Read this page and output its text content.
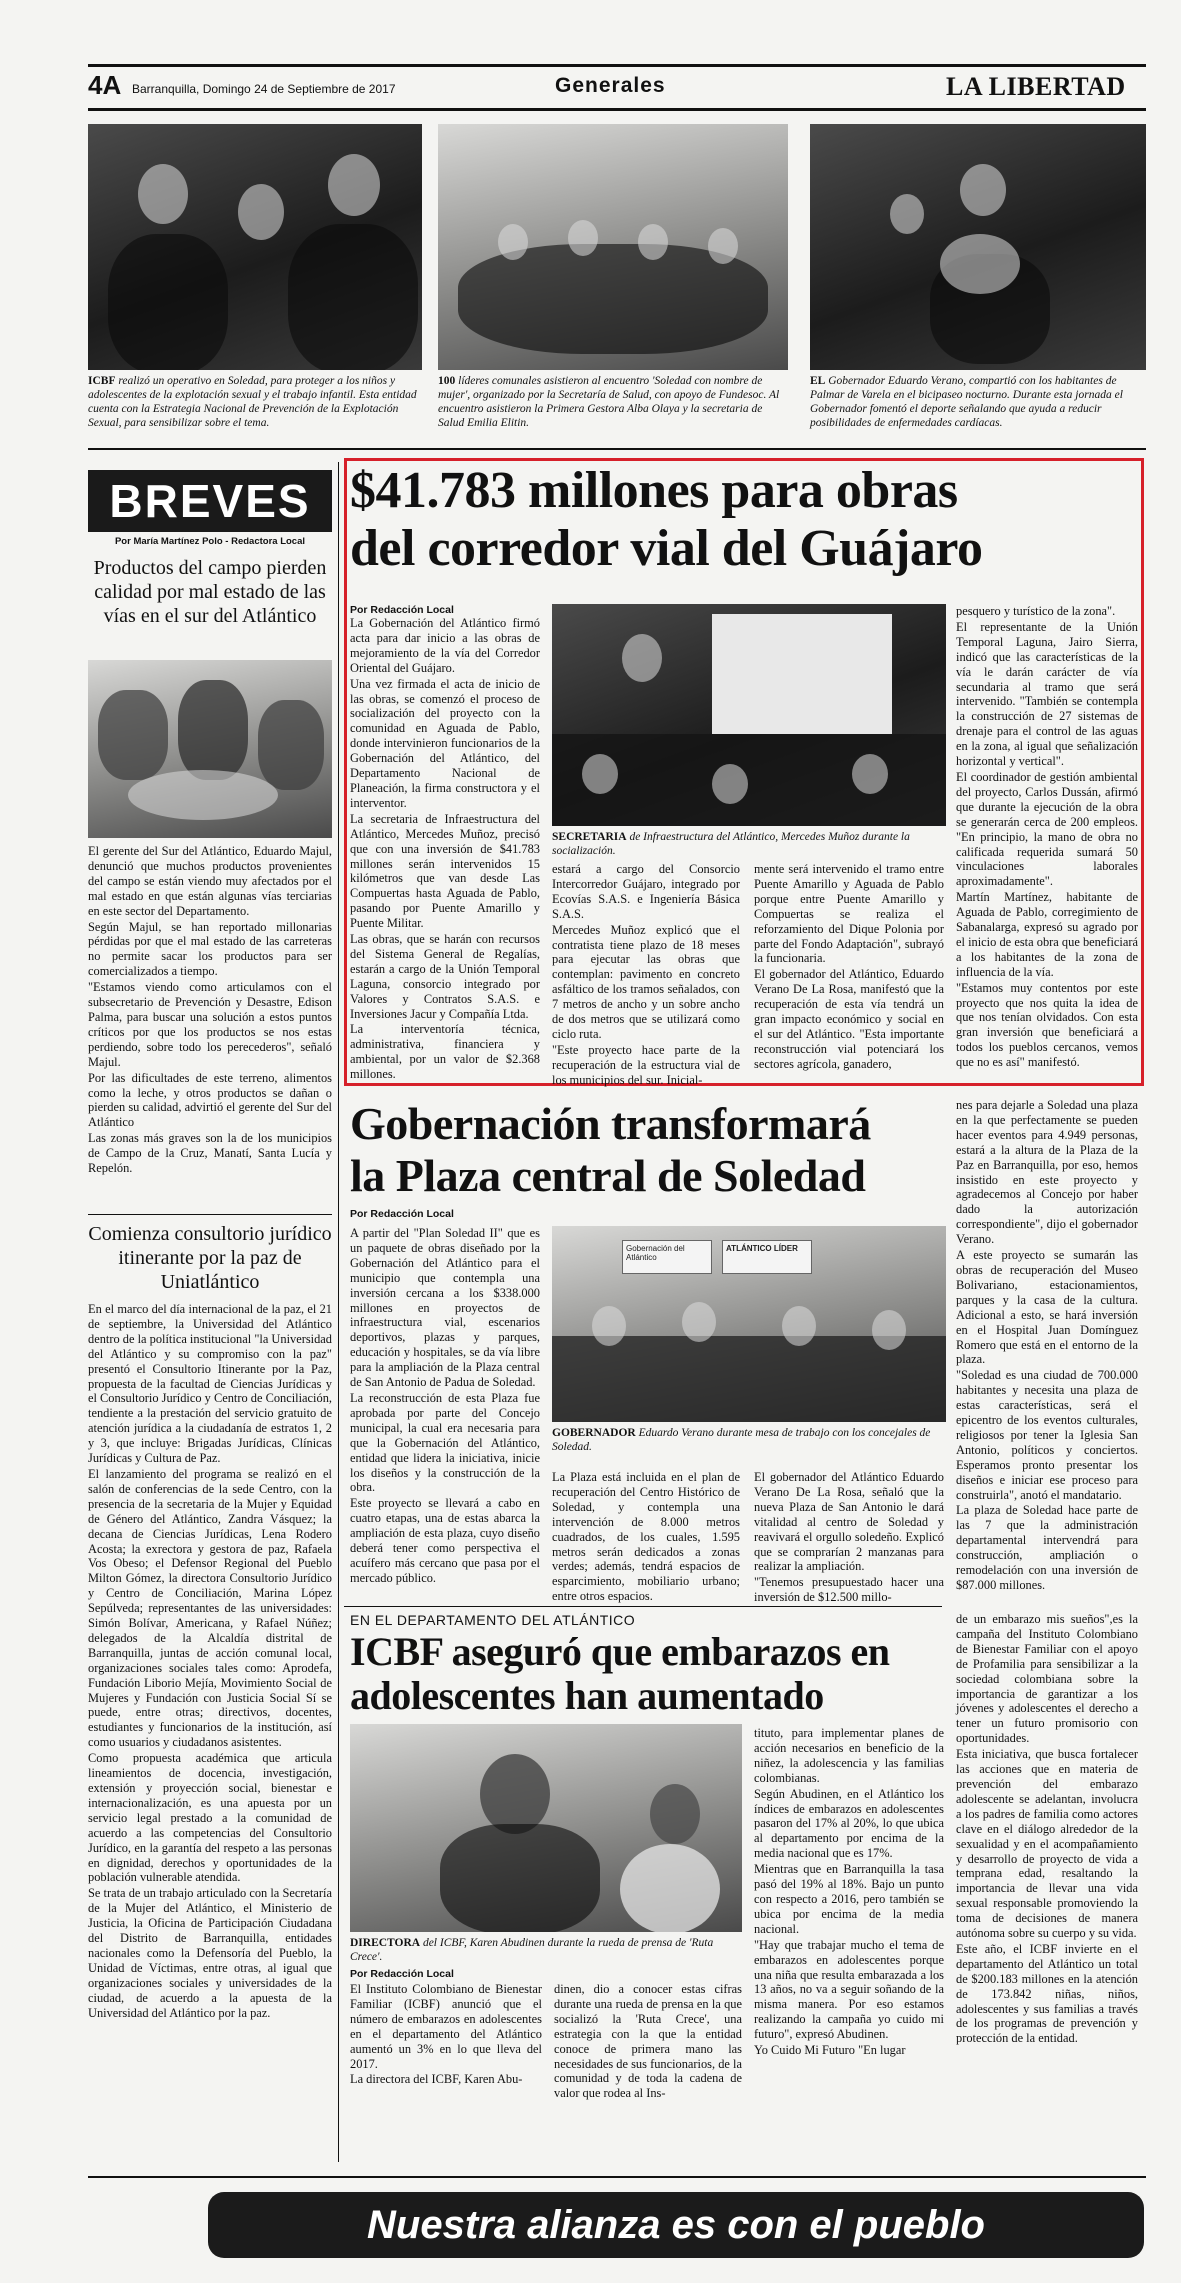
4A Barranquilla, Domingo 24 de Septiembre de 2017	Generales	LA LIBERTAD
ICBF realizó un operativo en Soledad, para proteger a los niños y adolescentes de la explotación sexual y el trabajo infantil. Esta entidad cuenta con la Estrategia Nacional de Prevención de la Explotación Sexual, para sensibilizar sobre el tema.
100 líderes comunales asistieron al encuentro 'Soledad con nombre de mujer', organizado por la Secretaría de Salud, con apoyo de Fundesoc. Al encuentro asistieron la Primera Gestora Alba Olaya y la secretaria de Salud Emilia Elitin.
EL Gobernador Eduardo Verano, compartió con los habitantes de Palmar de Varela en el bicipaseo nocturno. Durante esta jornada el Gobernador fomentó el deporte señalando que ayuda a reducir posibilidades de enfermedades cardíacas.
BREVES
Por María Martínez Polo - Redactora Local
Productos del campo pierden calidad por mal estado de las vías en el sur del Atlántico

El gerente del Sur del Atlántico, Eduardo Majul, denunció que muchos productos provenientes del campo se están viendo muy afectados por el mal estado en que están algunas vías terciarias en este sector del Departamento.

Según Majul, se han reportado millonarias pérdidas por que el mal estado de las carreteras no permite sacar los productos para ser comercializados a tiempo.

"Estamos viendo como articulamos con el subsecretario de Prevención y Desastre, Edison Palma, para buscar una solución a estos puntos críticos por que los productos se nos estas perdiendo, sobre todo los perecederos", señaló Majul.

Por las dificultades de este terreno, alimentos como la leche, y otros productos se dañan o pierden su calidad, advirtió el gerente del Sur del Atlántico

Las zonas más graves son la de los municipios de Campo de la Cruz, Manatí, Santa Lucía y Repelón.

Comienza consultorio jurídico itinerante por la paz de Uniatlántico

En el marco del día internacional de la paz, el 21 de septiembre, la Universidad del Atlántico dentro de la política institucional "la Universidad del Atlántico y su compromiso con la paz" presentó el Consultorio Itinerante por la Paz, propuesta de la facultad de Ciencias Jurídicas y el Consultorio Jurídico y Centro de Conciliación, tendiente a la prestación del servicio gratuito de atención jurídica a la ciudadanía de estratos 1, 2 y 3, que incluye: Brigadas Jurídicas, Clínicas Jurídicas y Cultura de Paz.

El lanzamiento del programa se realizó en el salón de conferencias de la sede Centro, con la presencia de la secretaria de la Mujer y Equidad de Género del Atlántico, Zandra Vásquez; la decana de Ciencias Jurídicas, Lena Rodero Acosta; la exrectora y gestora de paz, Rafaela Vos Obeso; el Defensor Regional del Pueblo Milton Gómez, la directora Consultorio Jurídico y Centro de Conciliación, Marina López Sepúlveda; representantes de las universidades: Simón Bolívar, Americana, y Rafael Núñez; delegados de la Alcaldía distrital de Barranquilla, juntas de acción comunal local, organizaciones sociales tales como: Aprodefa, Fundación Liborio Mejía, Movimiento Social de Mujeres y Fundación con Justicia Social Sí se puede, entre otras; directivos, docentes, estudiantes y funcionarios de la institución, así como usuarios y ciudadanos asistentes.

Como propuesta académica que articula lineamientos de docencia, investigación, extensión y proyección social, bienestar e internacionalización, es una apuesta por un servicio legal prestado a la comunidad de acuerdo a las competencias del Consultorio Jurídico, en la garantía del respeto a las personas en dignidad, derechos y oportunidades de la población vulnerable atendida.

Se trata de un trabajo articulado con la Secretaría de la Mujer del Atlántico, el Ministerio de Justicia, la Oficina de Participación Ciudadana del Distrito de Barranquilla, entidades nacionales como la Defensoría del Pueblo, la Unidad de Víctimas, entre otras, al igual que organizaciones sociales y universidades de la ciudad, de acuerdo a la apuesta de la Universidad del Atlántico por la paz.

$41.783 millones para obras
del corredor vial del Guájaro
Por Redacción Local

La Gobernación del Atlántico firmó acta para dar inicio a las obras de mejoramiento de la vía del Corredor Oriental del Guájaro.

Una vez firmada el acta de inicio de las obras, se comenzó el proceso de socialización del proyecto con la comunidad en Aguada de Pablo, donde intervinieron funcionarios de la Gobernación del Atlántico, del Departamento Nacional de Planeación, la firma constructora y el interventor.

La secretaria de Infraestructura del Atlántico, Mercedes Muñoz, precisó que con una inversión de $41.783 millones serán intervenidos 15 kilómetros que van desde Las Compuertas hasta Aguada de Pablo, pasando por Puente Amarillo y Puente Militar.

Las obras, que se harán con recursos del Sistema General de Regalías, estarán a cargo de la Unión Temporal Laguna, consorcio integrado por Valores y Contratos S.A.S. e Inversiones Jacur y Compañía Ltda.

La interventoría técnica, administrativa, financiera y ambiental, por un valor de $2.368 millones.

SECRETARIA de Infraestructura del Atlántico, Mercedes Muñoz durante la socialización.

estará a cargo del Consorcio Intercorredor Guájaro, integrado por Ecovías S.A.S. e Ingeniería Básica S.A.S.

Mercedes Muñoz explicó que el contratista tiene plazo de 18 meses para ejecutar las obras que contemplan: pavimento en concreto asfáltico de los tramos señalados, con 7 metros de ancho y un sobre ancho de dos metros que se utilizará como ciclo ruta.

"Este proyecto hace parte de la recuperación de la estructura vial de los municipios del sur. Inicial-

mente será intervenido el tramo entre Puente Amarillo y Aguada de Pablo porque entre Puente Amarillo y Compuertas se realiza el reforzamiento del Dique Polonia por parte del Fondo Adaptación", subrayó la funcionaria.

El gobernador del Atlántico, Eduardo Verano De La Rosa, manifestó que la recuperación de esta vía tendrá un gran impacto económico y social en el sur del Atlántico. "Esta importante reconstrucción vial potenciará los sectores agrícola, ganadero,

pesquero y turístico de la zona".

El representante de la Unión Temporal Laguna, Jairo Sierra, indicó que las características de la vía le darán carácter de vía secundaria al tramo que será intervenido. "También se contempla la construcción de 27 sistemas de drenaje para el control de las aguas en la zona, al igual que señalización horizontal y vertical".

El coordinador de gestión ambiental del proyecto, Carlos Dussán, afirmó que durante la ejecución de la obra se generarán cerca de 200 empleos. "En principio, la mano de obra no calificada requerida sumará 50 vinculaciones laborales aproximadamente".

Martín Martínez, habitante de Aguada de Pablo, corregimiento de Sabanalarga, expresó su agrado por el inicio de esta obra que beneficiará a los habitantes de la zona de influencia de la vía.

"Estamos muy contentos por este proyecto que nos quita la idea de que nos tenían olvidados. Con esta gran inversión que beneficiará a todos los pueblos cercanos, vemos que no es así" manifestó.

Gobernación transformará
la Plaza central de Soledad
Por Redacción Local

A partir del "Plan Soledad II" que es un paquete de obras diseñado por la Gobernación del Atlántico para el municipio que contempla una inversión cercana a los $338.000 millones en proyectos de infraestructura vial, escenarios deportivos, plazas y parques, educación y hospitales, se da vía libre para la ampliación de la Plaza central de San Antonio de Padua de Soledad.

La reconstrucción de esta Plaza fue aprobada por parte del Concejo municipal, la cual era necesaria para que la Gobernación del Atlántico, entidad que lidera la iniciativa, inicie los diseños y la construcción de la obra.

Este proyecto se llevará a cabo en cuatro etapas, una de estas abarca la ampliación de esta plaza, cuyo diseño deberá tener como perspectiva el acuífero más cercano que pasa por el mercado público.

Gobernación del Atlántico
ATLÁNTICO LÍDER
GOBERNADOR Eduardo Verano durante mesa de trabajo con los concejales de Soledad.

La Plaza está incluida en el plan de recuperación del Centro Histórico de Soledad, y contempla una intervención de 8.000 metros cuadrados, de los cuales, 1.595 metros serán dedicados a zonas verdes; además, tendrá espacios de esparcimiento, mobiliario urbano; entre otros espacios.

El gobernador del Atlántico Eduardo Verano De La Rosa, señaló que la nueva Plaza de San Antonio le dará vitalidad al centro de Soledad y reavivará el orgullo soledeño. Explicó que se comprarían 2 manzanas para realizar la ampliación.

"Tenemos presupuestado hacer una inversión de $12.500 millo-

nes para dejarle a Soledad una plaza en la que perfectamente se pueden hacer eventos para 4.949 personas, estará a la altura de la Plaza de la Paz en Barranquilla, por eso, hemos insistido en este proyecto y agradecemos al Concejo por haber dado la autorización correspondiente", dijo el gobernador Verano.

A este proyecto se sumarán las obras de recuperación del Museo Bolivariano, estacionamientos, parques y la casa de la cultura. Adicional a esto, se hará inversión en el Hospital Juan Domínguez Romero que está en el entorno de la plaza.

"Soledad es una ciudad de 700.000 habitantes y necesita una plaza de estas características, será el epicentro de los eventos culturales, religiosos por tener la Iglesia San Antonio, políticos y conciertos. Esperamos pronto presentar los diseños e iniciar ese proceso para construirla", anotó el mandatario.

La plaza de Soledad hace parte de las 7 que la administración departamental intervendrá para construcción, ampliación o remodelación con una inversión de $87.000 millones.

EN EL DEPARTAMENTO DEL ATLÁNTICO
ICBF aseguró que embarazos en
adolescentes han aumentado
DIRECTORA del ICBF, Karen Abudinen durante la rueda de prensa de 'Ruta Crece'.
Por Redacción Local

El Instituto Colombiano de Bienestar Familiar (ICBF) anunció que el número de embarazos en adolescentes en el departamento del Atlántico aumentó un 3% en lo que lleva del 2017.

La directora del ICBF, Karen Abu-

dinen, dio a conocer estas cifras durante una rueda de prensa en la que socializó la 'Ruta Crece', una estrategia con la que la entidad conoce de primera mano las necesidades de sus funcionarios, de la comunidad y de toda la cadena de valor que rodea al Ins-

tituto, para implementar planes de acción necesarios en beneficio de la niñez, la adolescencia y las familias colombianas.

Según Abudinen, en el Atlántico los índices de embarazos en adolescentes pasaron del 17% al 20%, lo que ubica al departamento por encima de la media nacional que es 17%.

Mientras que en Barranquilla la tasa pasó del 19% al 18%. Bajo un punto con respecto a 2016, pero también se ubica por encima de la media nacional.

"Hay que trabajar mucho el tema de embarazos en adolescentes porque una niña que resulta embarazada a los 13 años, no va a seguir soñando de la misma manera. Por eso estamos realizando la campaña yo cuido mi futuro", expresó Abudinen.

Yo Cuido Mi Futuro "En lugar

de un embarazo mis sueños",es la campaña del Instituto Colombiano de Bienestar Familiar con el apoyo de Profamilia para sensibilizar a la sociedad colombiana sobre la importancia de garantizar a los jóvenes y adolescentes el derecho a tener un futuro promisorio con oportunidades.

Esta iniciativa, que busca fortalecer las acciones que en materia de prevención del embarazo adolescente se adelantan, involucra a los padres de familia como actores clave en el diálogo alrededor de la sexualidad y en el acompañamiento y desarrollo de proyecto de vida a temprana edad, resaltando la importancia de llevar una vida sexual responsable promoviendo la toma de decisiones de manera autónoma sobre su cuerpo y su vida.

Este año, el ICBF invierte en el departamento del Atlántico un total de $200.183 millones en la atención de 173.842 niñas, niños, adolescentes y sus familias a través de los programas de prevención y protección de la entidad.

Nuestra alianza es con el pueblo
